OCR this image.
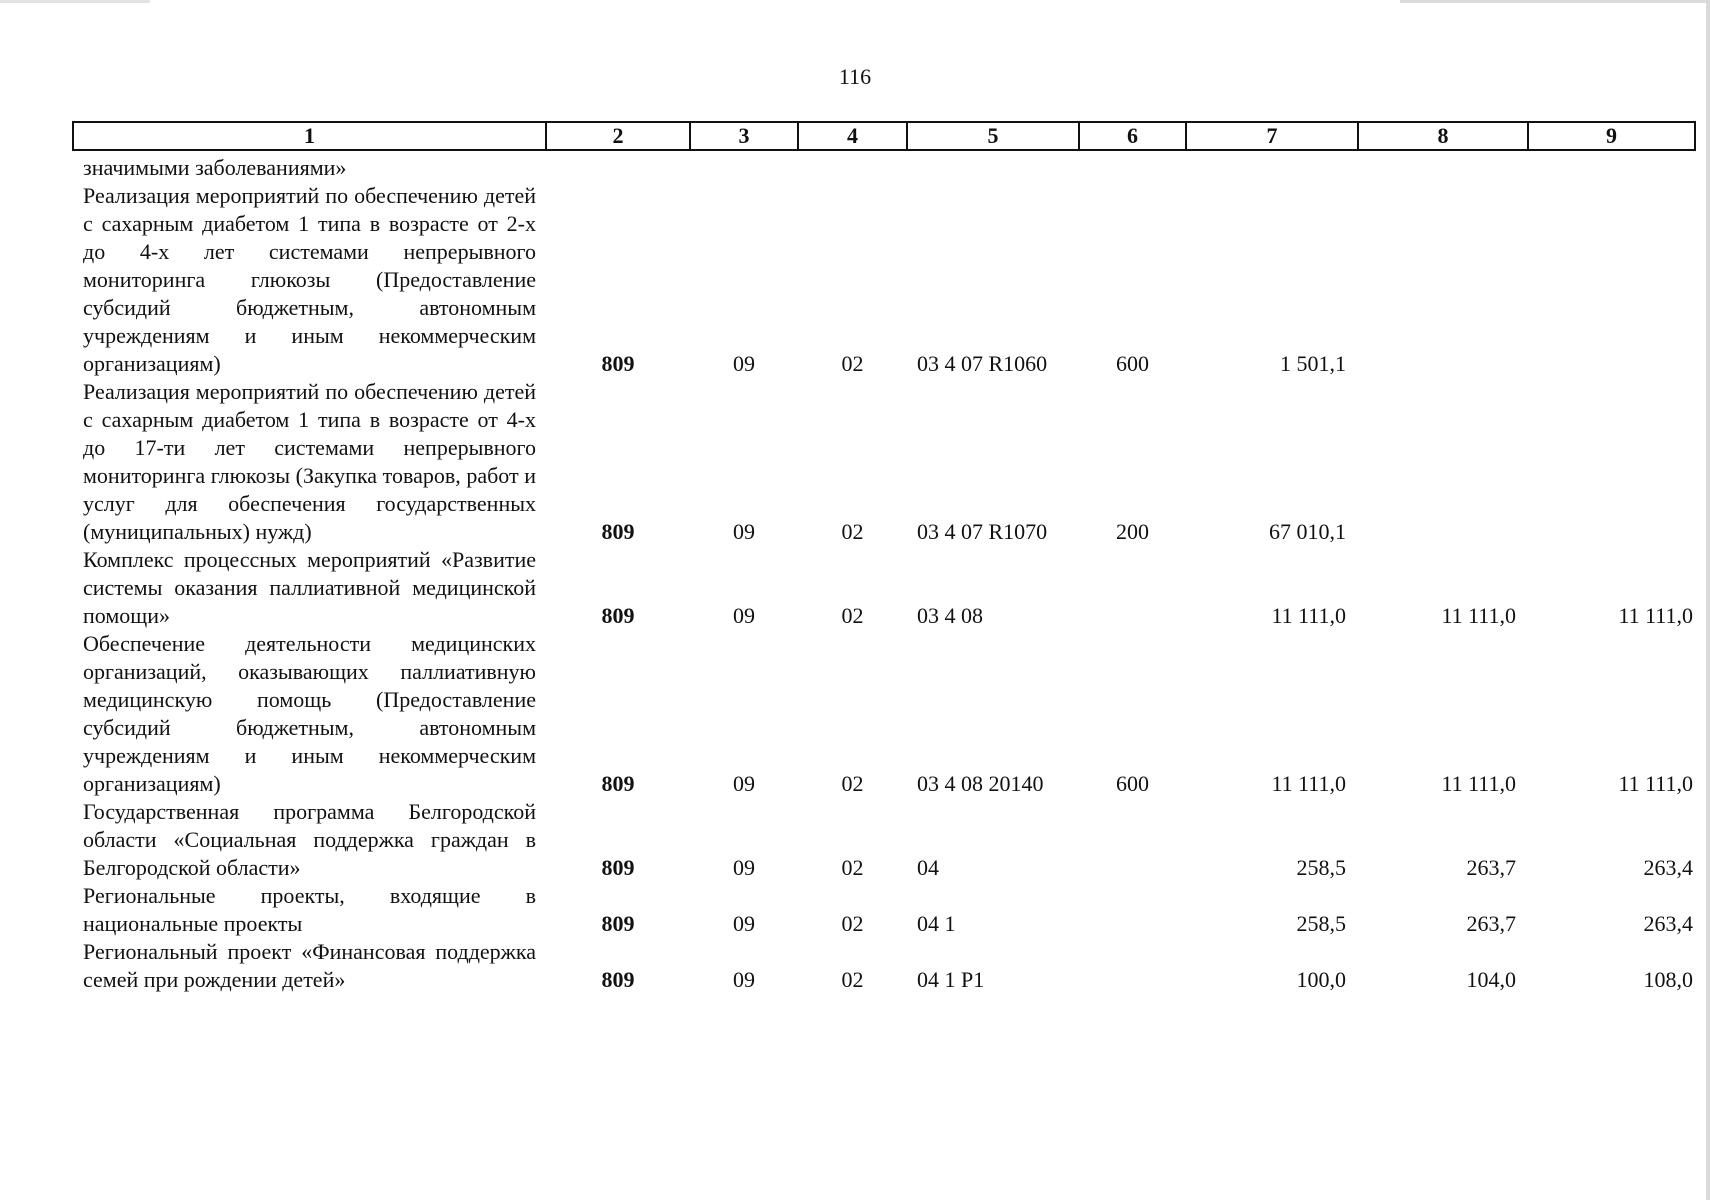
116
1	2	3	4	5	6	7	8	9
значимыми заболеваниями»								
Реализация мероприятий по обеспечению детей с сахарным диабетом 1 типа в возрасте от 2-х до 4-х лет системами непрерывного мониторинга глюкозы (Предоставление субсидий бюджетным, автономным учреждениям и иным некоммерческим организациям)	809	09	02	03 4 07 R1060	600	1 501,1		
Реализация мероприятий по обеспечению детей с сахарным диабетом 1 типа в возрасте от 4-х до 17-ти лет системами непрерывного мониторинга глюкозы (Закупка товаров, работ и услуг для обеспечения государственных (муниципальных) нужд)	809	09	02	03 4 07 R1070	200	67 010,1		
Комплекс процессных мероприятий «Развитие системы оказания паллиативной медицинской помощи»	809	09	02	03 4 08		11 111,0	11 111,0	11 111,0
Обеспечение деятельности медицинских организаций, оказывающих паллиативную медицинскую помощь (Предоставление субсидий бюджетным, автономным учреждениям и иным некоммерческим организациям)	809	09	02	03 4 08 20140	600	11 111,0	11 111,0	11 111,0
Государственная программа Белгородской области «Социальная поддержка граждан в Белгородской области»	809	09	02	04		258,5	263,7	263,4
Региональные проекты, входящие в национальные проекты	809	09	02	04 1		258,5	263,7	263,4
Региональный проект «Финансовая поддержка семей при рождении детей»	809	09	02	04 1 P1		100,0	104,0	108,0
